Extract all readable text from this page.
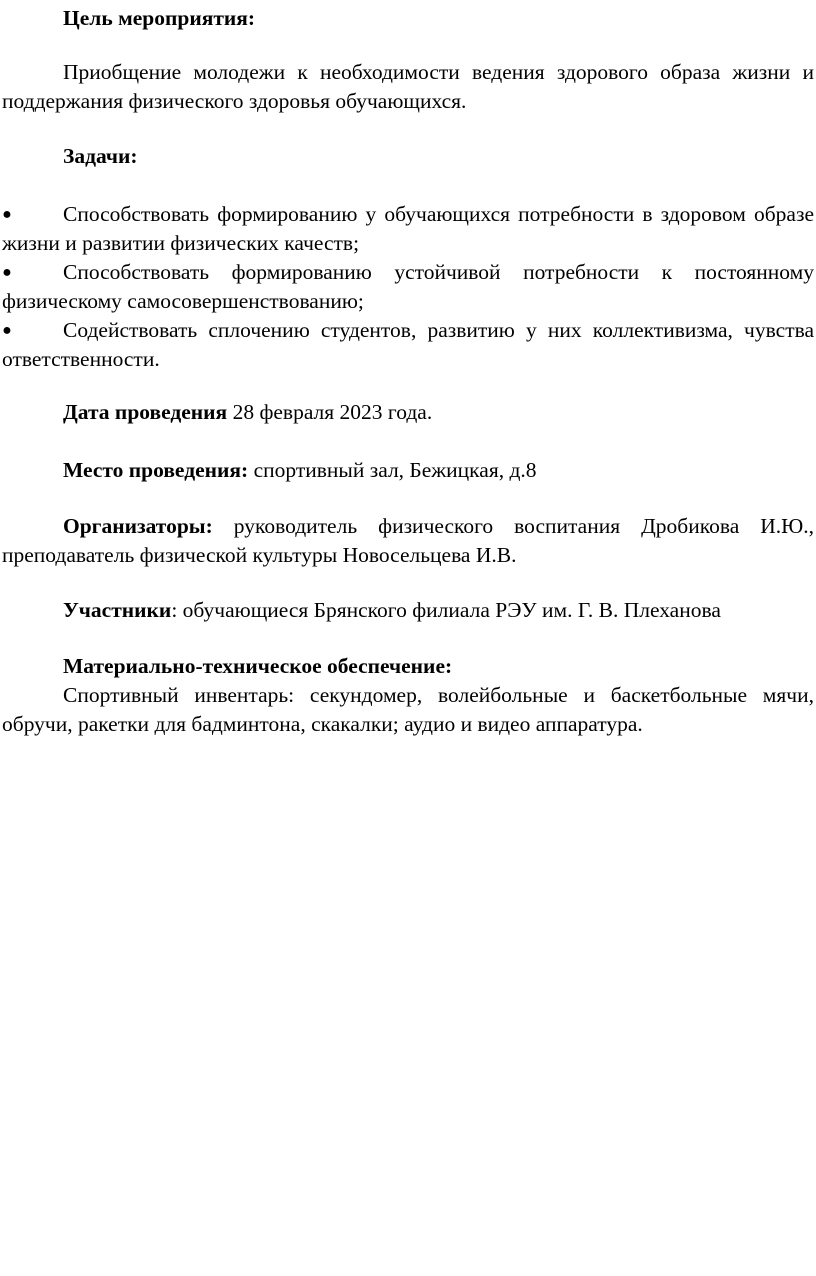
Цель мероприятия:

Приобщение молодежи к необходимости ведения здорового образа жизни и поддержания физического здоровья обучающихся.

Задачи:

●	Способствовать формированию у обучающихся потребности в здоровом образе жизни и развитии физических качеств;

●	Способствовать формированию устойчивой потребности к постоянному физическому самосовершенствованию;

●	Содейcтвовать сплочению студентов, развитию у них коллективизма, чувства ответственности.

Дата проведения 28 февраля 2023 года.

Место проведения: спортивный зал, Бежицкая, д.8

Организаторы: руководитель физического воспитания Дробикова И.Ю., преподаватель физической культуры Новосельцева И.В.

Участники: обучающиеся Брянского филиала РЭУ им. Г. В. Плеханова

Материально-техническое обеспечение:

Спортивный инвентарь: секундомер, волейбольные и баскетбольные мячи, обручи, ракетки для бадминтона, скакалки; аудио и видео аппаратура.
